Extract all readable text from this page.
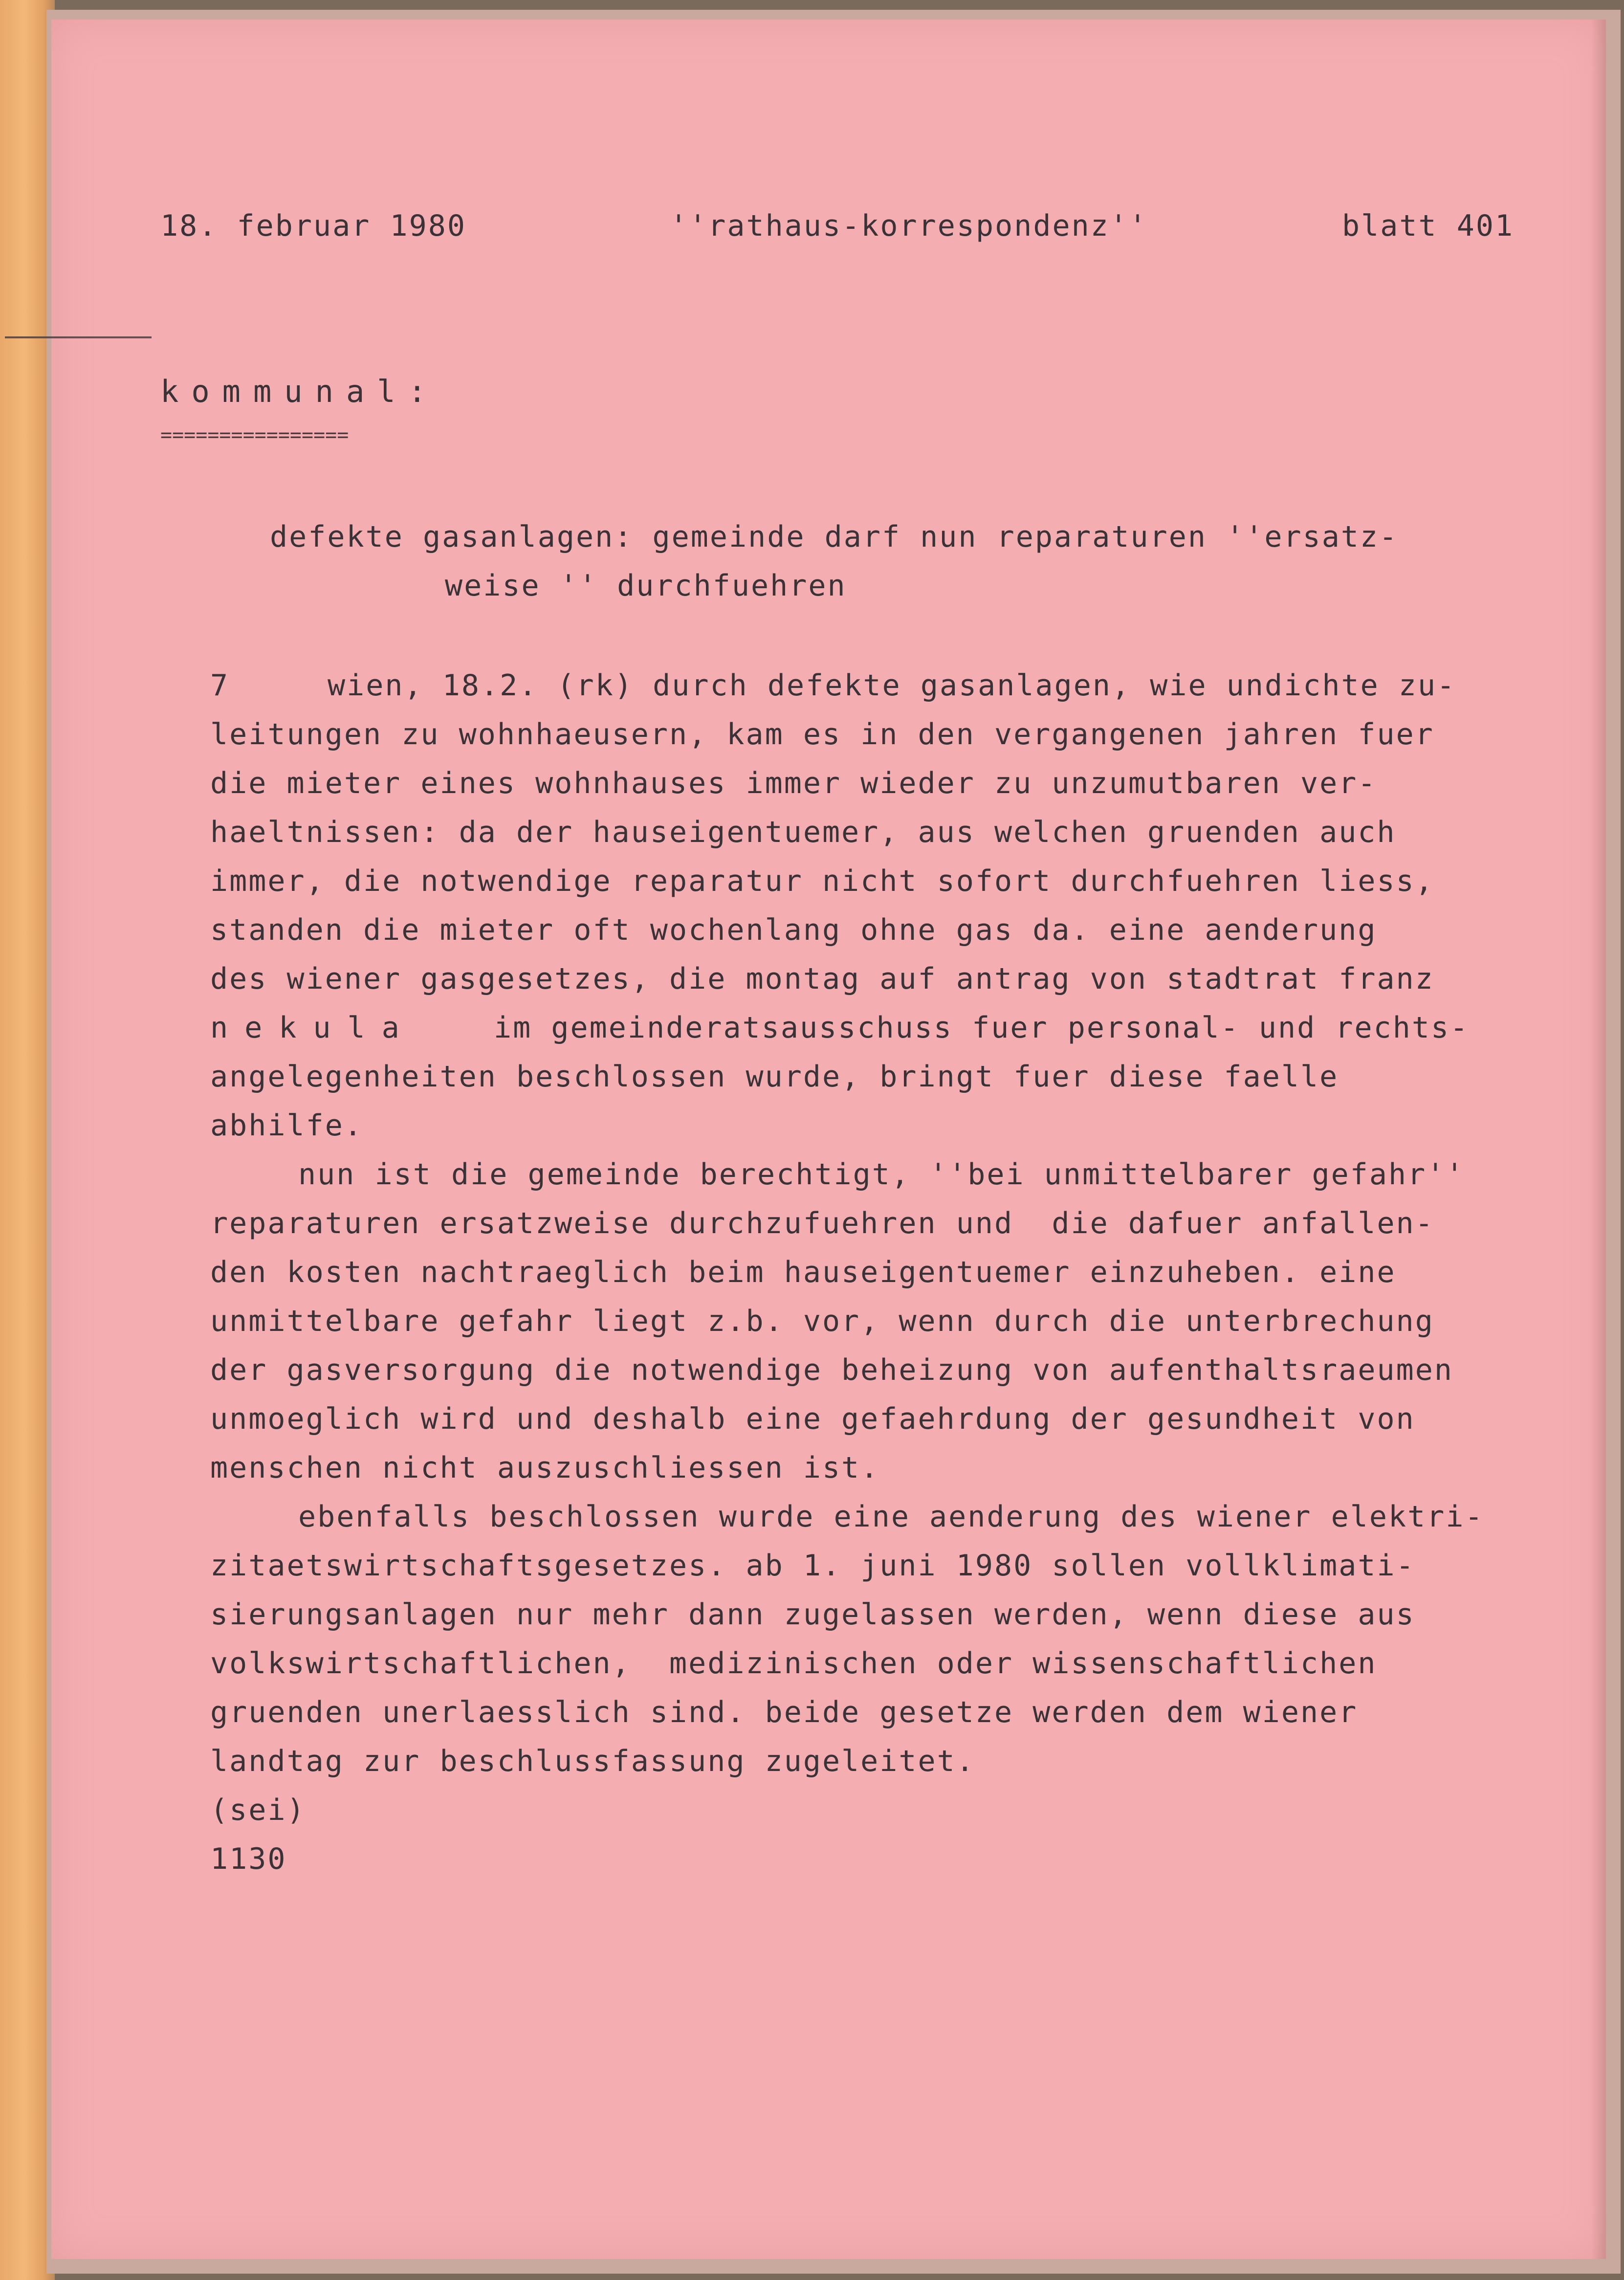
18. februar 1980	''rathaus-korrespondenz''	blatt 401
kommunal:
================
defekte gasanlagen: gemeinde darf nun reparaturen ''ersatz-
weise '' durchfuehren
7	wien, 18.2. (rk) durch defekte gasanlagen, wie undichte zu-
leitungen zu wohnhaeusern, kam es in den vergangenen jahren fuer
die mieter eines wohnhauses immer wieder zu unzumutbaren ver-
haeltnissen: da der hauseigentuemer, aus welchen gruenden auch
immer, die notwendige reparatur nicht sofort durchfuehren liess,
standen die mieter oft wochenlang ohne gas da. eine aenderung
des wiener gasgesetzes, die montag auf antrag von stadtrat franz
nekula	im gemeinderatsausschuss fuer personal- und rechts-
angelegenheiten beschlossen wurde, bringt fuer diese faelle
abhilfe.
nun ist die gemeinde berechtigt, ''bei unmittelbarer gefahr''
reparaturen ersatzweise durchzufuehren und  die dafuer anfallen-
den kosten nachtraeglich beim hauseigentuemer einzuheben. eine
unmittelbare gefahr liegt z.b. vor, wenn durch die unterbrechung
der gasversorgung die notwendige beheizung von aufenthaltsraeumen
unmoeglich wird und deshalb eine gefaehrdung der gesundheit von
menschen nicht auszuschliessen ist.
ebenfalls beschlossen wurde eine aenderung des wiener elektri-
zitaetswirtschaftsgesetzes. ab 1. juni 1980 sollen vollklimati-
sierungsanlagen nur mehr dann zugelassen werden, wenn diese aus
volkswirtschaftlichen,  medizinischen oder wissenschaftlichen
gruenden unerlaesslich sind. beide gesetze werden dem wiener
landtag zur beschlussfassung zugeleitet.
(sei)
1130
